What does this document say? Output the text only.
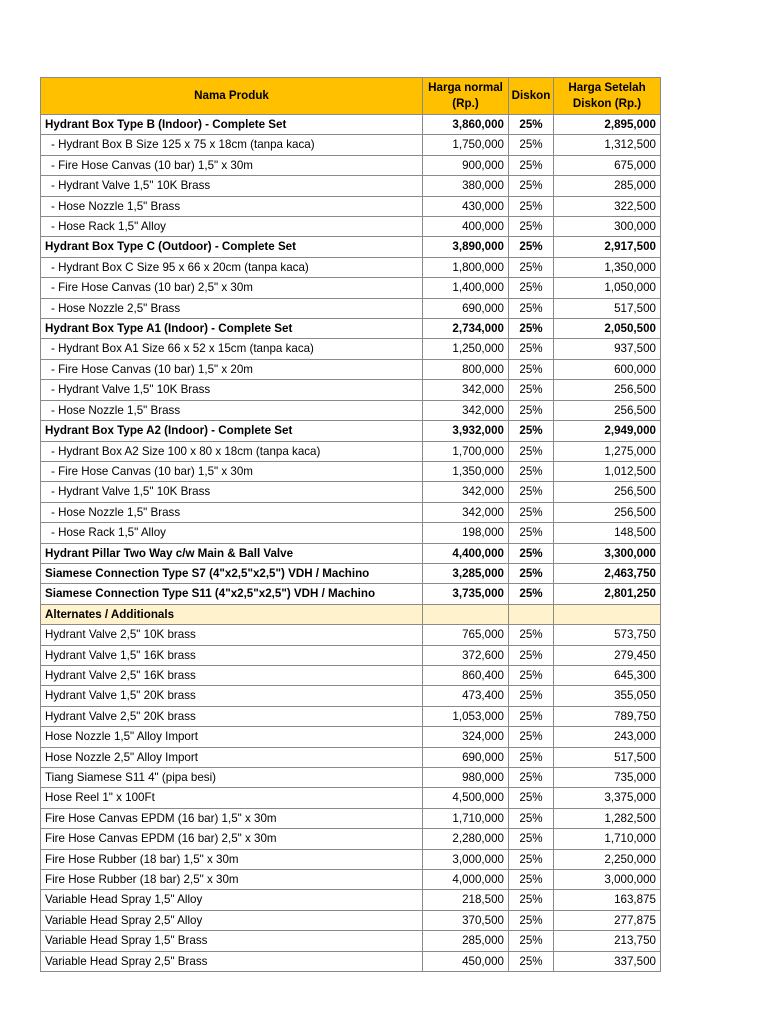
Nama Produk	Harga normal (Rp.)	Diskon	Harga Setelah Diskon (Rp.)
Hydrant Box Type B (Indoor) - Complete Set	3,860,000	25%	2,895,000
- Hydrant Box B Size 125 x 75 x 18cm (tanpa kaca)	1,750,000	25%	1,312,500
- Fire Hose Canvas (10 bar) 1,5" x 30m	900,000	25%	675,000
- Hydrant Valve 1,5" 10K Brass	380,000	25%	285,000
- Hose Nozzle 1,5" Brass	430,000	25%	322,500
- Hose Rack 1,5" Alloy	400,000	25%	300,000
Hydrant Box Type C (Outdoor) - Complete Set	3,890,000	25%	2,917,500
- Hydrant Box C Size 95 x 66 x 20cm (tanpa kaca)	1,800,000	25%	1,350,000
- Fire Hose Canvas (10 bar) 2,5" x 30m	1,400,000	25%	1,050,000
- Hose Nozzle 2,5" Brass	690,000	25%	517,500
Hydrant Box Type A1 (Indoor) - Complete Set	2,734,000	25%	2,050,500
- Hydrant Box A1 Size 66 x 52 x 15cm (tanpa kaca)	1,250,000	25%	937,500
- Fire Hose Canvas (10 bar) 1,5" x 20m	800,000	25%	600,000
- Hydrant Valve 1,5" 10K Brass	342,000	25%	256,500
- Hose Nozzle 1,5" Brass	342,000	25%	256,500
Hydrant Box Type A2 (Indoor) - Complete Set	3,932,000	25%	2,949,000
- Hydrant Box A2 Size 100 x 80 x 18cm (tanpa kaca)	1,700,000	25%	1,275,000
- Fire Hose Canvas (10 bar) 1,5" x 30m	1,350,000	25%	1,012,500
- Hydrant Valve 1,5" 10K Brass	342,000	25%	256,500
- Hose Nozzle 1,5" Brass	342,000	25%	256,500
- Hose Rack 1,5" Alloy	198,000	25%	148,500
Hydrant Pillar Two Way c/w Main & Ball Valve	4,400,000	25%	3,300,000
Siamese Connection Type S7 (4"x2,5"x2,5") VDH / Machino	3,285,000	25%	2,463,750
Siamese Connection Type S11 (4"x2,5"x2,5") VDH / Machino	3,735,000	25%	2,801,250
Alternates / Additionals			
Hydrant Valve 2,5" 10K brass	765,000	25%	573,750
Hydrant Valve 1,5" 16K brass	372,600	25%	279,450
Hydrant Valve 2,5" 16K brass	860,400	25%	645,300
Hydrant Valve 1,5" 20K brass	473,400	25%	355,050
Hydrant Valve 2,5" 20K brass	1,053,000	25%	789,750
Hose Nozzle 1,5" Alloy Import	324,000	25%	243,000
Hose Nozzle 2,5" Alloy Import	690,000	25%	517,500
Tiang Siamese S11 4" (pipa besi)	980,000	25%	735,000
Hose Reel 1" x 100Ft	4,500,000	25%	3,375,000
Fire Hose Canvas EPDM (16 bar) 1,5" x 30m	1,710,000	25%	1,282,500
Fire Hose Canvas EPDM (16 bar) 2,5" x 30m	2,280,000	25%	1,710,000
Fire Hose Rubber (18 bar) 1,5" x 30m	3,000,000	25%	2,250,000
Fire Hose Rubber (18 bar) 2,5" x 30m	4,000,000	25%	3,000,000
Variable Head Spray 1,5" Alloy	218,500	25%	163,875
Variable Head Spray 2,5" Alloy	370,500	25%	277,875
Variable Head Spray 1,5" Brass	285,000	25%	213,750
Variable Head Spray 2,5" Brass	450,000	25%	337,500
